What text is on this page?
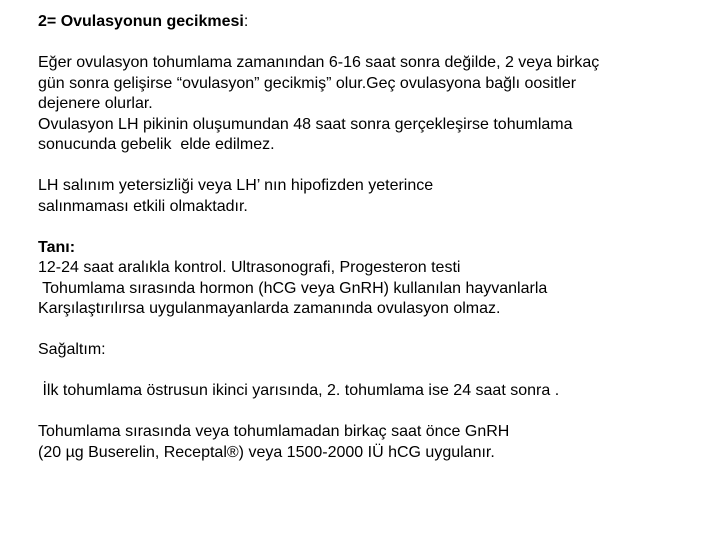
2= Ovulasyonun gecikmesi:

Eğer ovulasyon tohumlama zamanından 6-16 saat sonra değilde, 2 veya birkaç

gün sonra gelişirse “ovulasyon” gecikmiş” olur.Geç ovulasyona bağlı oositler

dejenere olurlar.

Ovulasyon LH pikinin oluşumundan 48 saat sonra gerçekleşirse tohumlama

sonucunda gebelik  elde edilmez.

LH salınım yetersizliği veya LH’ nın hipofizden yeterince

salınmaması etkili olmaktadır.

Tanı:

12-24 saat aralıkla kontrol. Ultrasonografi, Progesteron testi

Tohumlama sırasında hormon (hCG veya GnRH) kullanılan hayvanlarla

Karşılaştırılırsa uygulanmayanlarda zamanında ovulasyon olmaz.

Sağaltım:

İlk tohumlama östrusun ikinci yarısında, 2. tohumlama ise 24 saat sonra .

Tohumlama sırasında veya tohumlamadan birkaç saat önce GnRH

(20 µg Buserelin, Receptal®) veya 1500-2000 IÜ hCG uygulanır.
